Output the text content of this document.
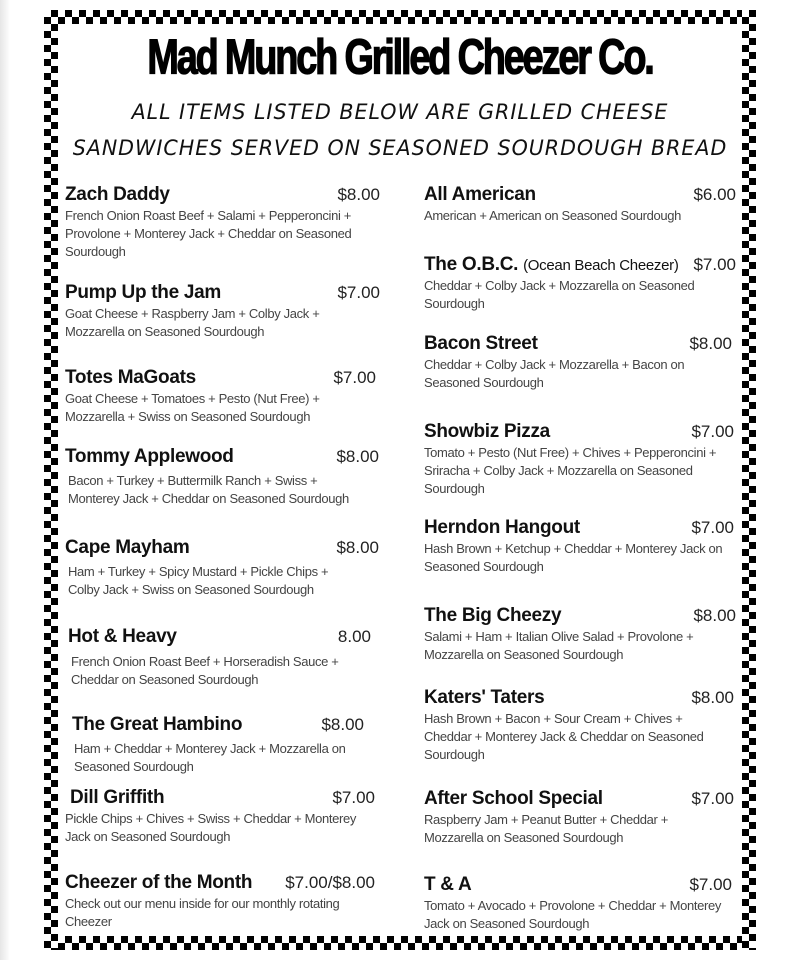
Mad Munch Grilled Cheezer Co.
ALL ITEMS LISTED BELOW ARE GRILLED CHEESE
SANDWICHES SERVED ON SEASONED SOURDOUGH BREAD
Zach Daddy	$8.00
French Onion Roast Beef + Salami + Pepperoncini + Provolone + Monterey Jack + Cheddar on Seasoned Sourdough
Pump Up the Jam	$7.00
Goat Cheese + Raspberry Jam + Colby Jack + Mozzarella on Seasoned Sourdough
Totes MaGoats	$7.00
Goat Cheese + Tomatoes + Pesto (Nut Free) + Mozzarella + Swiss on Seasoned Sourdough
Tommy Applewood	$8.00
Bacon + Turkey + Buttermilk Ranch + Swiss + Monterey Jack + Cheddar on Seasoned Sourdough
Cape Mayham	$8.00
Ham + Turkey + Spicy Mustard + Pickle Chips + Colby Jack + Swiss on Seasoned Sourdough
Hot & Heavy	8.00
French Onion Roast Beef + Horseradish Sauce + Cheddar on Seasoned Sourdough
The Great Hambino	$8.00
Ham + Cheddar + Monterey Jack + Mozzarella on Seasoned Sourdough
Dill Griffith	$7.00
Pickle Chips + Chives + Swiss + Cheddar + Monterey Jack on Seasoned Sourdough
Cheezer of the Month $7.00/$8.00
Check out our menu inside for our monthly rotating Cheezer
All American	$6.00
American + American on Seasoned Sourdough
The O.B.C. (Ocean Beach Cheezer) $7.00
Cheddar + Colby Jack + Mozzarella on Seasoned Sourdough
Bacon Street	$8.00
Cheddar + Colby Jack + Mozzarella + Bacon on Seasoned Sourdough
Showbiz Pizza	$7.00
Tomato + Pesto (Nut Free) + Chives + Pepperoncini + Sriracha + Colby Jack + Mozzarella on Seasoned Sourdough
Herndon Hangout	$7.00
Hash Brown + Ketchup + Cheddar + Monterey Jack on Seasoned Sourdough
The Big Cheezy	$8.00
Salami + Ham + Italian Olive Salad + Provolone + Mozzarella on Seasoned Sourdough
Katers' Taters	$8.00
Hash Brown + Bacon + Sour Cream + Chives + Cheddar + Monterey Jack & Cheddar on Seasoned Sourdough
After School Special	$7.00
Raspberry Jam + Peanut Butter + Cheddar + Mozzarella on Seasoned Sourdough
T & A	$7.00
Tomato + Avocado + Provolone + Cheddar + Monterey Jack on Seasoned Sourdough
